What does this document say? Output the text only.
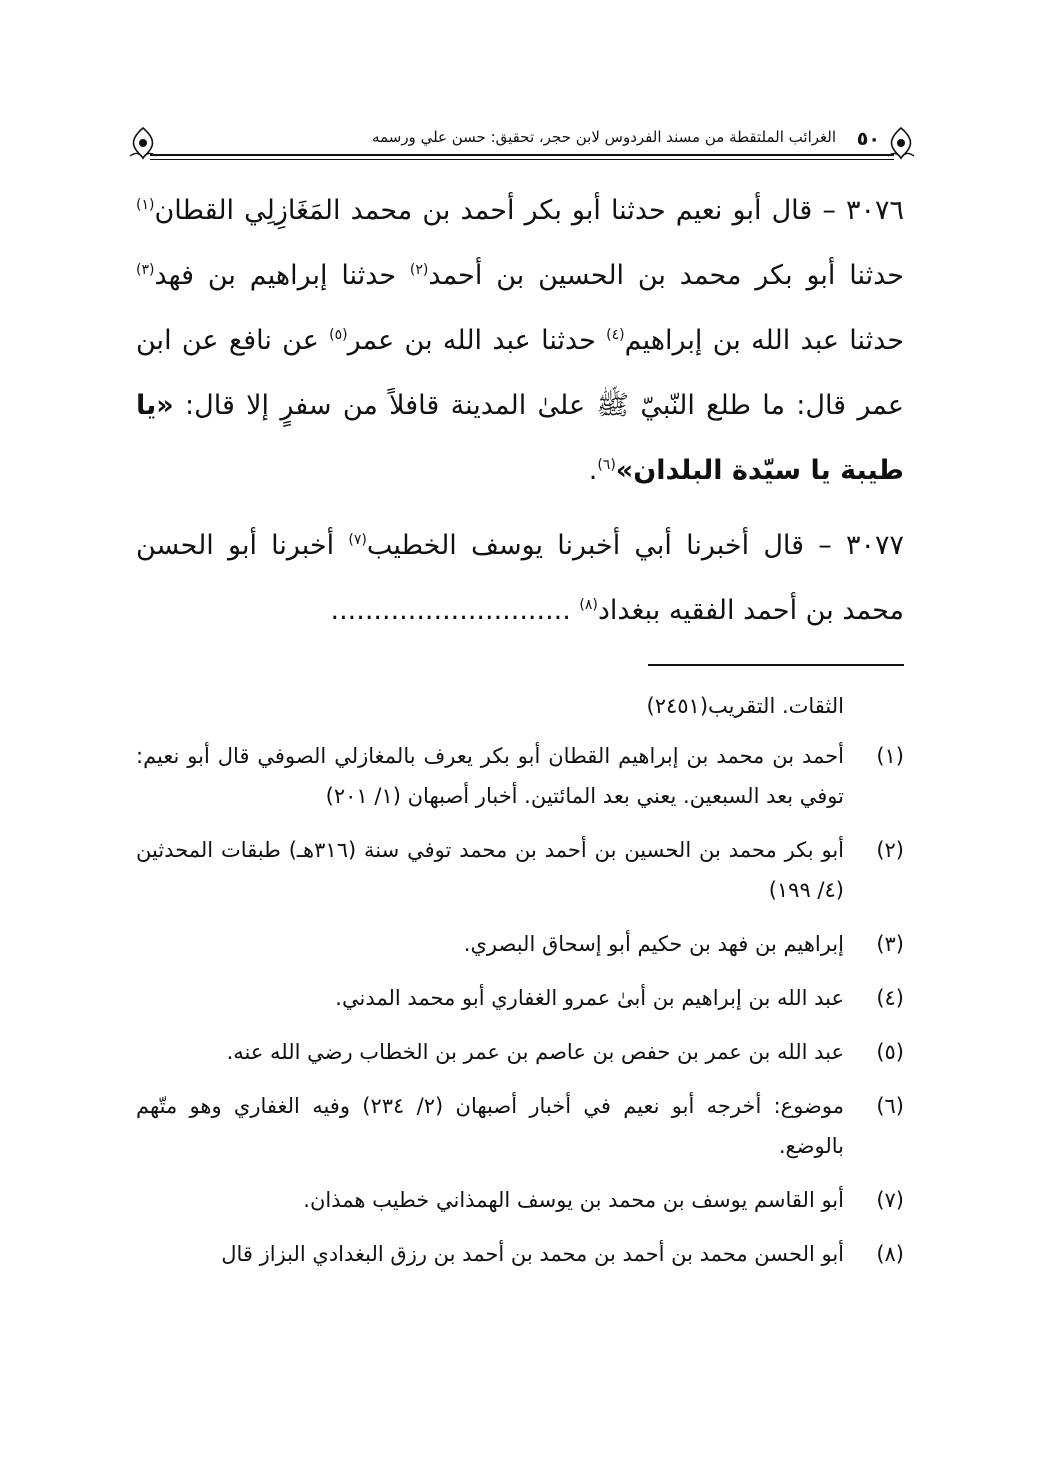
٥٠
الغرائب الملتقطة من مسند الفردوس لابن حجر، تحقيق: حسن علي ورسمه

٣٠٧٦ – قال أبو نعيم حدثنا أبو بكر أحمد بن محمد المَغَازِلِي القطان$^{(١)}$ حدثنا أبو بكر محمد بن الحسين بن أحمد$^{(٢)}$ حدثنا إبراهيم بن فهد$^{(٣)}$ حدثنا عبد الله بن إبراهيم$^{(٤)}$ حدثنا عبد الله بن عمر$^{(٥)}$ عن نافع عن ابن عمر قال: ما طلع النّبيّ ﷺ علىٰ المدينة قافلاً من سفرٍ إلا قال: «يا طيبة يا سيّدة البلدان»$^{(٦)}$.

٣٠٧٧ – قال أخبرنا أبي أخبرنا يوسف الخطيب$^{(٧)}$ أخبرنا أبو الحسن محمد بن أحمد الفقيه ببغداد$^{(٨)}$ ............................

الثقات. التقريب(٢٤٥١)
(١)
أحمد بن محمد بن إبراهيم القطان أبو بكر يعرف بالمغازلي الصوفي قال أبو نعيم: توفي بعد السبعين. يعني بعد المائتين. أخبار أصبهان (١/ ٢٠١)
(٢)
أبو بكر محمد بن الحسين بن أحمد بن محمد توفي سنة (٣١٦هـ) طبقات المحدثين (٤/ ١٩٩)
(٣)
إبراهيم بن فهد بن حكيم أبو إسحاق البصري.
(٤)
عبد الله بن إبراهيم بن أبىٰ عمرو الغفاري أبو محمد المدني.
(٥)
عبد الله بن عمر بن حفص بن عاصم بن عمر بن الخطاب رضي الله عنه.
(٦)
موضوع: أخرجه أبو نعيم في أخبار أصبهان (٢/ ٢٣٤) وفيه الغفاري وهو متّهم بالوضع.
(٧)
أبو القاسم يوسف بن محمد بن يوسف الهمذاني خطيب همذان.
(٨)
أبو الحسن محمد بن أحمد بن محمد بن أحمد بن رزق البغدادي البزاز قال
